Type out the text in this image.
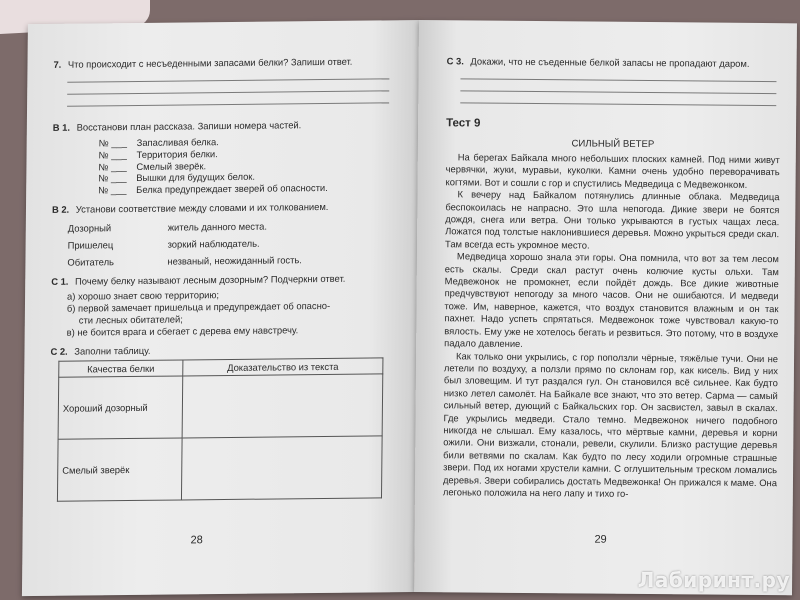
7. Что происходит с несъеденными запасами белки? Запиши ответ.
В 1. Восстанови план рассказа. Запиши номера частей.
№ ___ Запасливая белка.
№ ___ Территория белки.
№ ___ Смелый зверёк.
№ ___ Вышки для будущих белок.
№ ___ Белка предупреждает зверей об опасности.
В 2. Установи соответствие между словами и их толкованием.
Дозорный	житель данного места.
Пришелец	зоркий наблюдатель.
Обитатель	незваный, неожиданный гость.
С 1. Почему белку называют лесным дозорным? Подчеркни ответ.
а) хорошо знает свою территорию;
б) первой замечает пришельца и предупреждает об опасно-
сти лесных обитателей;
в) не боится врага и сбегает с дерева ему навстречу.
С 2. Заполни таблицу.
Качества белки	Доказательство из текста
Хороший дозорный	
Смелый зверёк	
28
С 3. Докажи, что не съеденные белкой запасы не пропадают даром.
Тест 9
СИЛЬНЫЙ ВЕТЕР
На берегах Байкала много небольших плоских камней. Под ними живут червячки, жуки, муравьи, куколки. Камни очень удобно переворачивать когтями. Вот и сошли с гор и спустились Медведица с Медвежонком.
К вечеру над Байкалом потянулись длинные облака. Медведица беспокоилась не напрасно. Это шла непогода. Дикие звери не боятся дождя, снега или ветра. Они только укрываются в густых чащах леса. Ложатся под толстые наклонившиеся деревья. Можно укрыться среди скал. Там всегда есть укромное место.
Медведица хорошо знала эти горы. Она помнила, что вот за тем лесом есть скалы. Среди скал растут очень колючие кусты ольхи. Там Медвежонок не промокнет, если пойдёт дождь. Все дикие животные предчувствуют непогоду за много часов. Они не ошибаются. И медведи тоже. Им, наверное, кажется, что воздух становится влажным и он так пахнет. Надо успеть спрятаться. Медвежонок тоже чувствовал какую-то вялость. Ему уже не хотелось бегать и резвиться. Это потому, что в воздухе падало давление.
Как только они укрылись, с гор поползли чёрные, тяжёлые тучи. Они не летели по воздуху, а ползли прямо по склонам гор, как кисель. Вид у них был зловещим. И тут раздался гул. Он становился всё сильнее. Как будто низко летел самолёт. На Байкале все знают, что это ветер. Сарма — самый сильный ветер, дующий с Байкальских гор. Он засвистел, завыл в скалах. Где укрылись медведи. Стало темно. Медвежонок ничего подобного никогда не слышал. Ему казалось, что мёртвые камни, деревья и корни ожили. Они визжали, стонали, ревели, скулили. Близко растущие деревья били ветвями по скалам. Как будто по лесу ходили огромные страшные звери. Под их ногами хрустели камни. С оглушительным треском ломались деревья. Звери собирались достать Медвежонка! Он прижался к маме. Она легонько положила на него лапу и тихо го-
29
Лабиринт.ру
